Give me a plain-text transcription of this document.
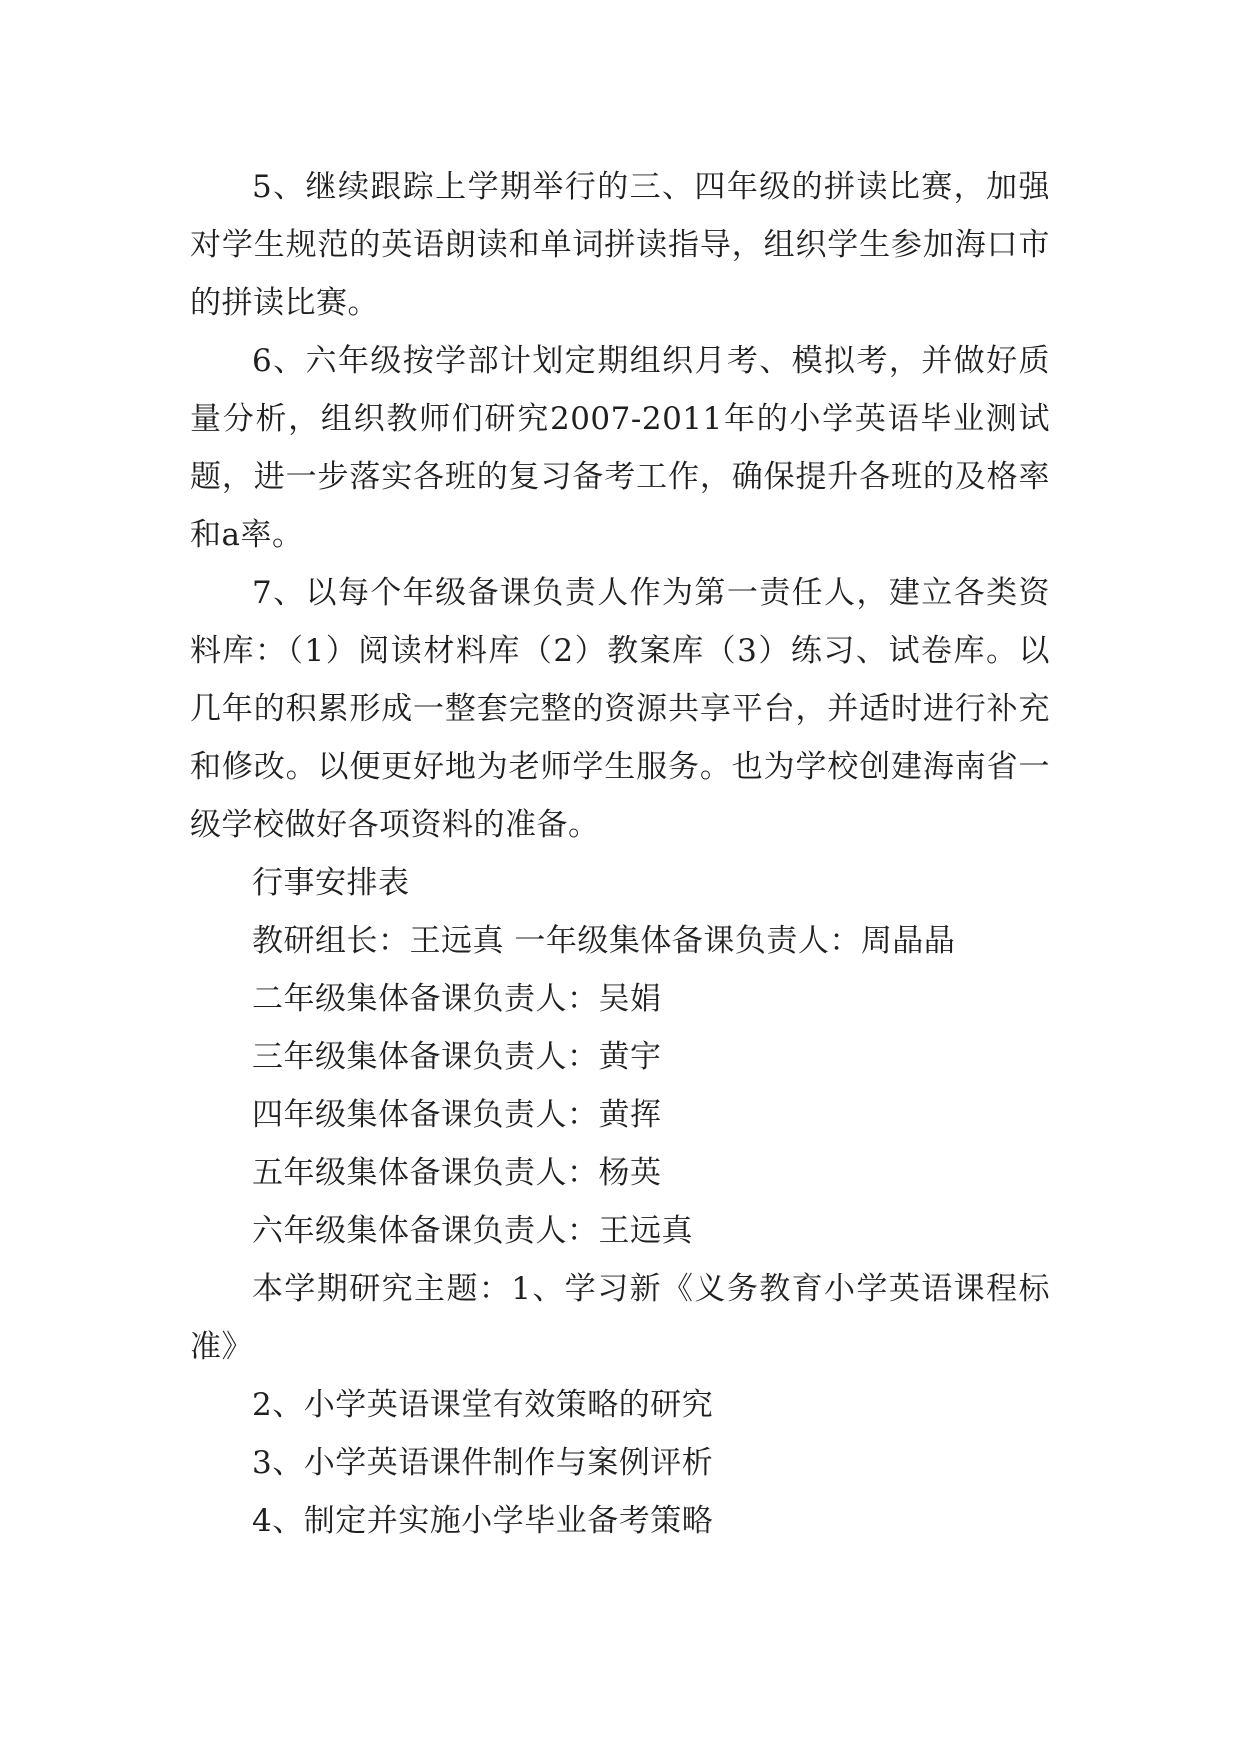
5、继续跟踪上学期举行的三、四年级的拼读比赛，加强对学生规范的英语朗读和单词拼读指导，组织学生参加海口市的拼读比赛。

6、六年级按学部计划定期组织月考、模拟考，并做好质量分析，组织教师们研究2007-2011年的小学英语毕业测试题，进一步落实各班的复习备考工作，确保提升各班的及格率和a率。

7、以每个年级备课负责人作为第一责任人，建立各类资料库：（1）阅读材料库（2）教案库（3）练习、试卷库。以几年的积累形成一整套完整的资源共享平台，并适时进行补充和修改。以便更好地为老师学生服务。也为学校创建海南省一级学校做好各项资料的准备。

行事安排表

教研组长：王远真 一年级集体备课负责人：周晶晶

二年级集体备课负责人：吴娟

三年级集体备课负责人：黄宇

四年级集体备课负责人：黄挥

五年级集体备课负责人：杨英

六年级集体备课负责人：王远真

本学期研究主题：1、学习新《义务教育小学英语课程标准》

2、小学英语课堂有效策略的研究

3、小学英语课件制作与案例评析

4、制定并实施小学毕业备考策略
